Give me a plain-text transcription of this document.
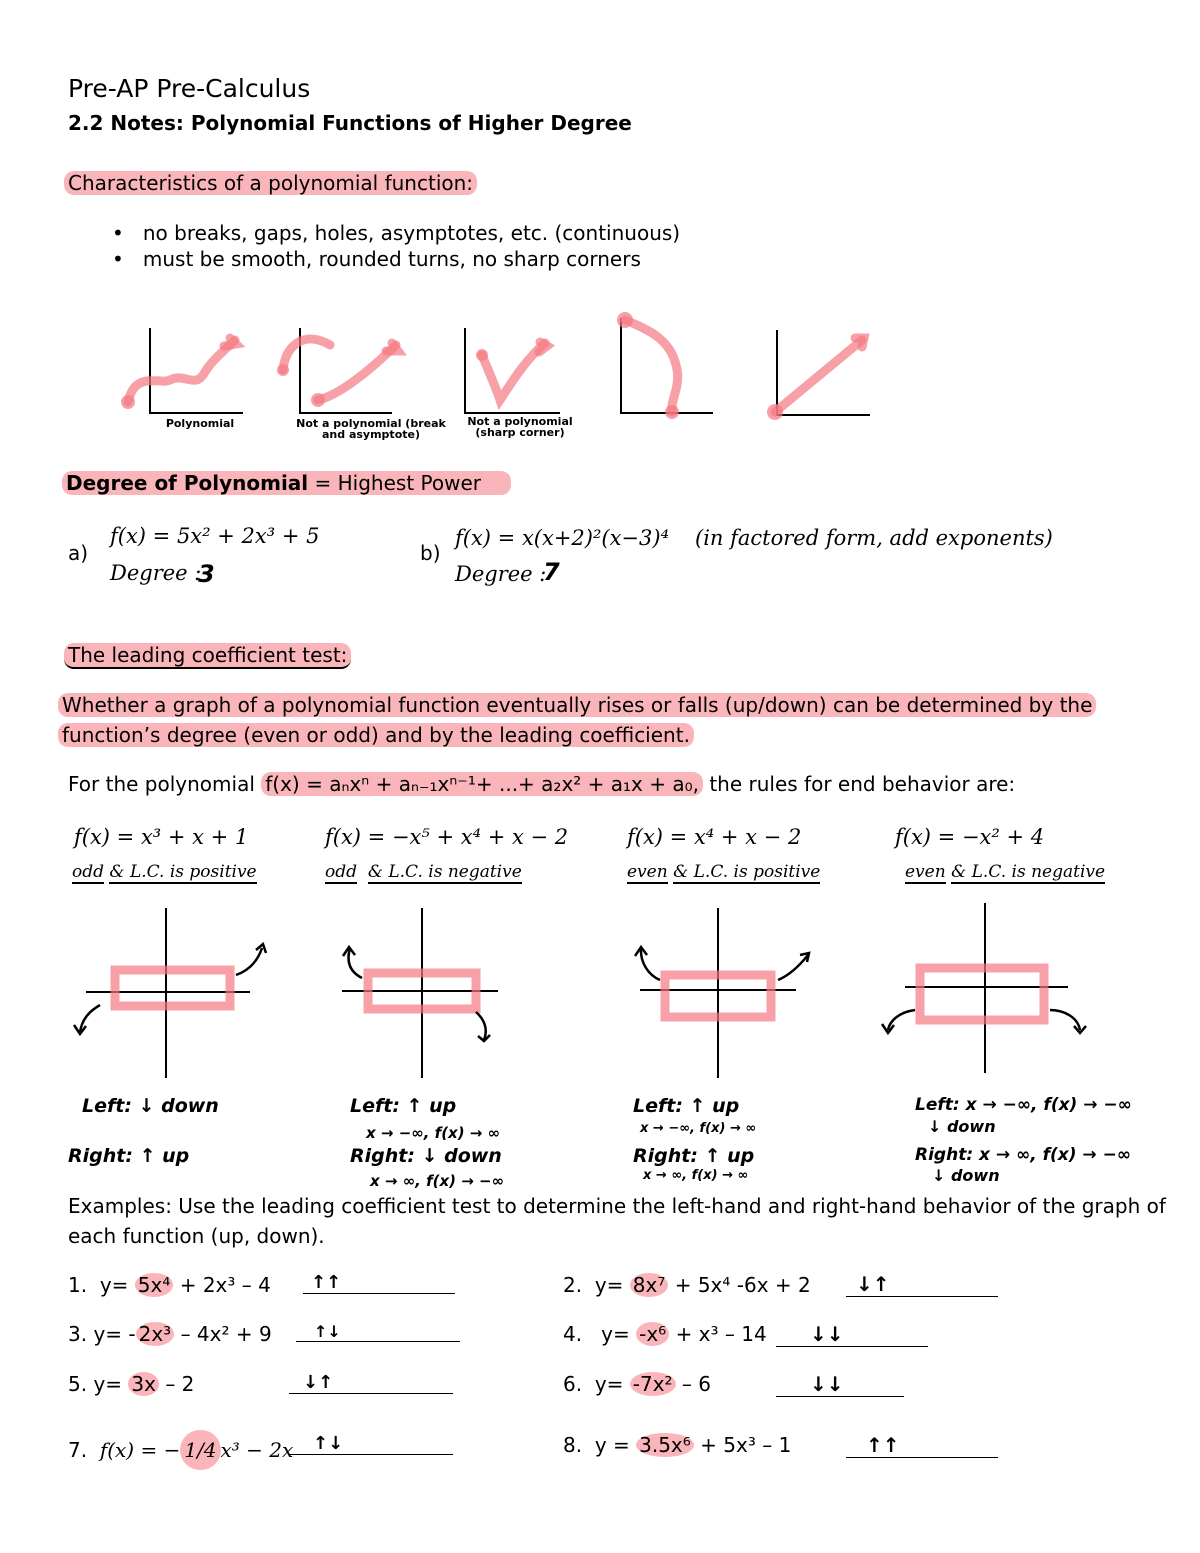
Pre-AP Pre-Calculus
2.2 Notes: Polynomial Functions of Higher Degree
Characteristics of a polynomial function:
•   no breaks, gaps, holes, asymptotes, etc. (continuous)
•   must be smooth, rounded turns, no sharp corners
Polynomial	Not a polynomial (break and asymptote)
Not a polynomial (sharp corner)
Degree of Polynomial = Highest Power
a)
f(x) = 5x² + 2x³ + 5
Degree :
3
b)
f(x) = x(x+2)²(x−3)⁴ (in factored form, add exponents)
Degree :
7
The leading coefficient test:
Whether a graph of a polynomial function eventually rises or falls (up/down) can be determined by the
function’s degree (even or odd) and by the leading coefficient.
For the polynomial f(x) = aₙxⁿ + aₙ₋₁xⁿ⁻¹+ ...+ a₂x² + a₁x + a₀, the rules for end behavior are:
f(x) = x³ + x + 1
odd & L.C. is positive
f(x) = −x⁵ + x⁴ + x − 2
odd & L.C. is negative
f(x) = x⁴ + x − 2
even & L.C. is positive
f(x) = −x² + 4
even & L.C. is negative
Left: ↓ down
Right: ↑ up
Left: ↑ up
x → −∞, f(x) → ∞
Right: ↓ down
x → ∞, f(x) → −∞
Left: ↑ up
x → −∞, f(x) → ∞
Right: ↑ up
x → ∞, f(x) → ∞
Left: x → −∞, f(x) → −∞
↓ down
Right: x → ∞, f(x) → −∞
↓ down
Examples: Use the leading coefficient test to determine the left-hand and right-hand behavior of the graph of
each function (up, down).
1. y= 5x⁴ + 2x³ – 4	↑↑	2. y= 8x⁷ + 5x⁴ -6x + 2	↓↑
3. y= - 2x³ – 4x² + 9	↑↓	4. y= -x⁶ + x³ – 14	↓↓
5. y= 3x – 2	↓↑	6. y= -7x² – 6	↓↓
7. f(x) = − 1/4 x³ − 2x	↑↓	8. y = 3.5x⁶ + 5x³ – 1	↑↑
